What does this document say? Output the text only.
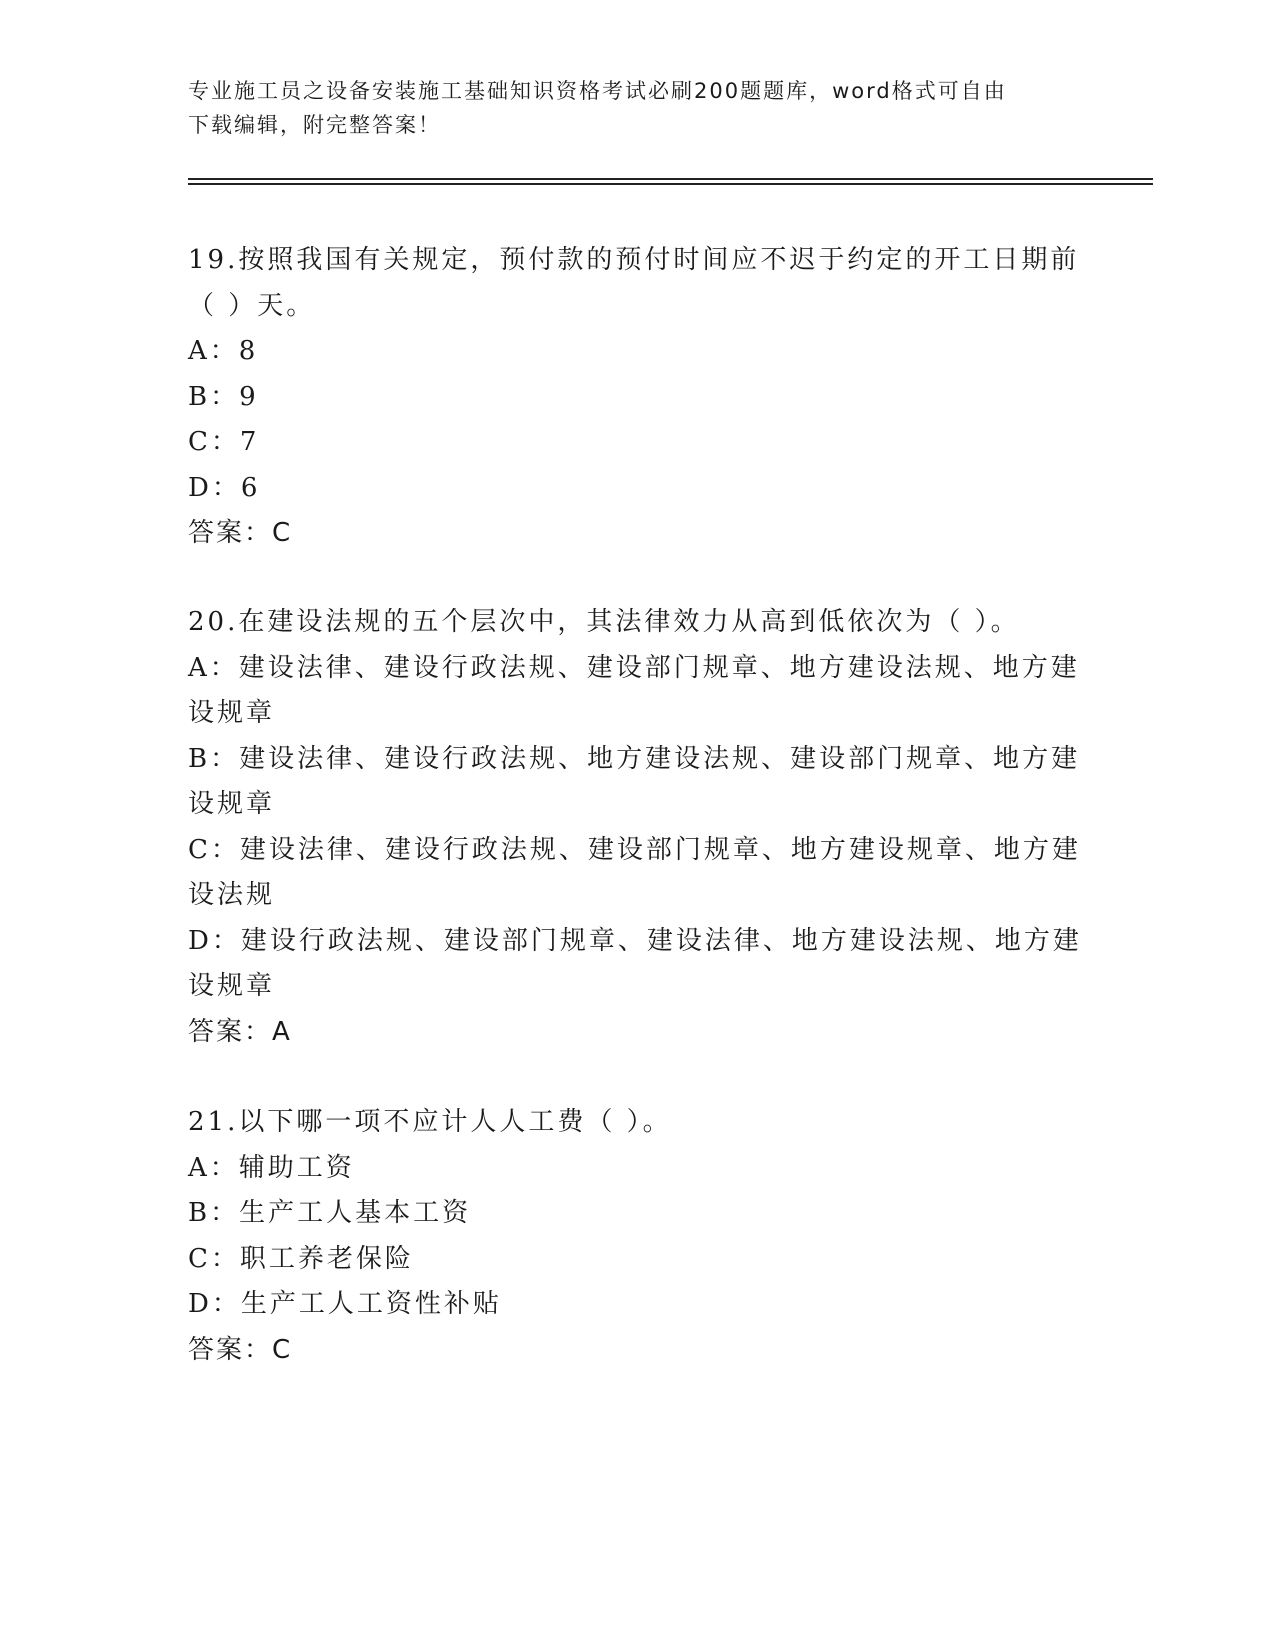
专业施工员之设备安装施工基础知识资格考试必刷200题题库，word格式可自由
下载编辑，附完整答案！
19.按照我国有关规定，预付款的预付时间应不迟于约定的开工日期前
（ ）天。
A：8
B：9
C：7
D：6
答案：C
20.在建设法规的五个层次中，其法律效力从高到低依次为（ ）。
A：建设法律、建设行政法规、建设部门规章、地方建设法规、地方建
设规章
B：建设法律、建设行政法规、地方建设法规、建设部门规章、地方建
设规章
C：建设法律、建设行政法规、建设部门规章、地方建设规章、地方建
设法规
D：建设行政法规、建设部门规章、建设法律、地方建设法规、地方建
设规章
答案：A
21.以下哪一项不应计人人工费（ ）。
A：辅助工资
B：生产工人基本工资
C：职工养老保险
D：生产工人工资性补贴
答案：C
